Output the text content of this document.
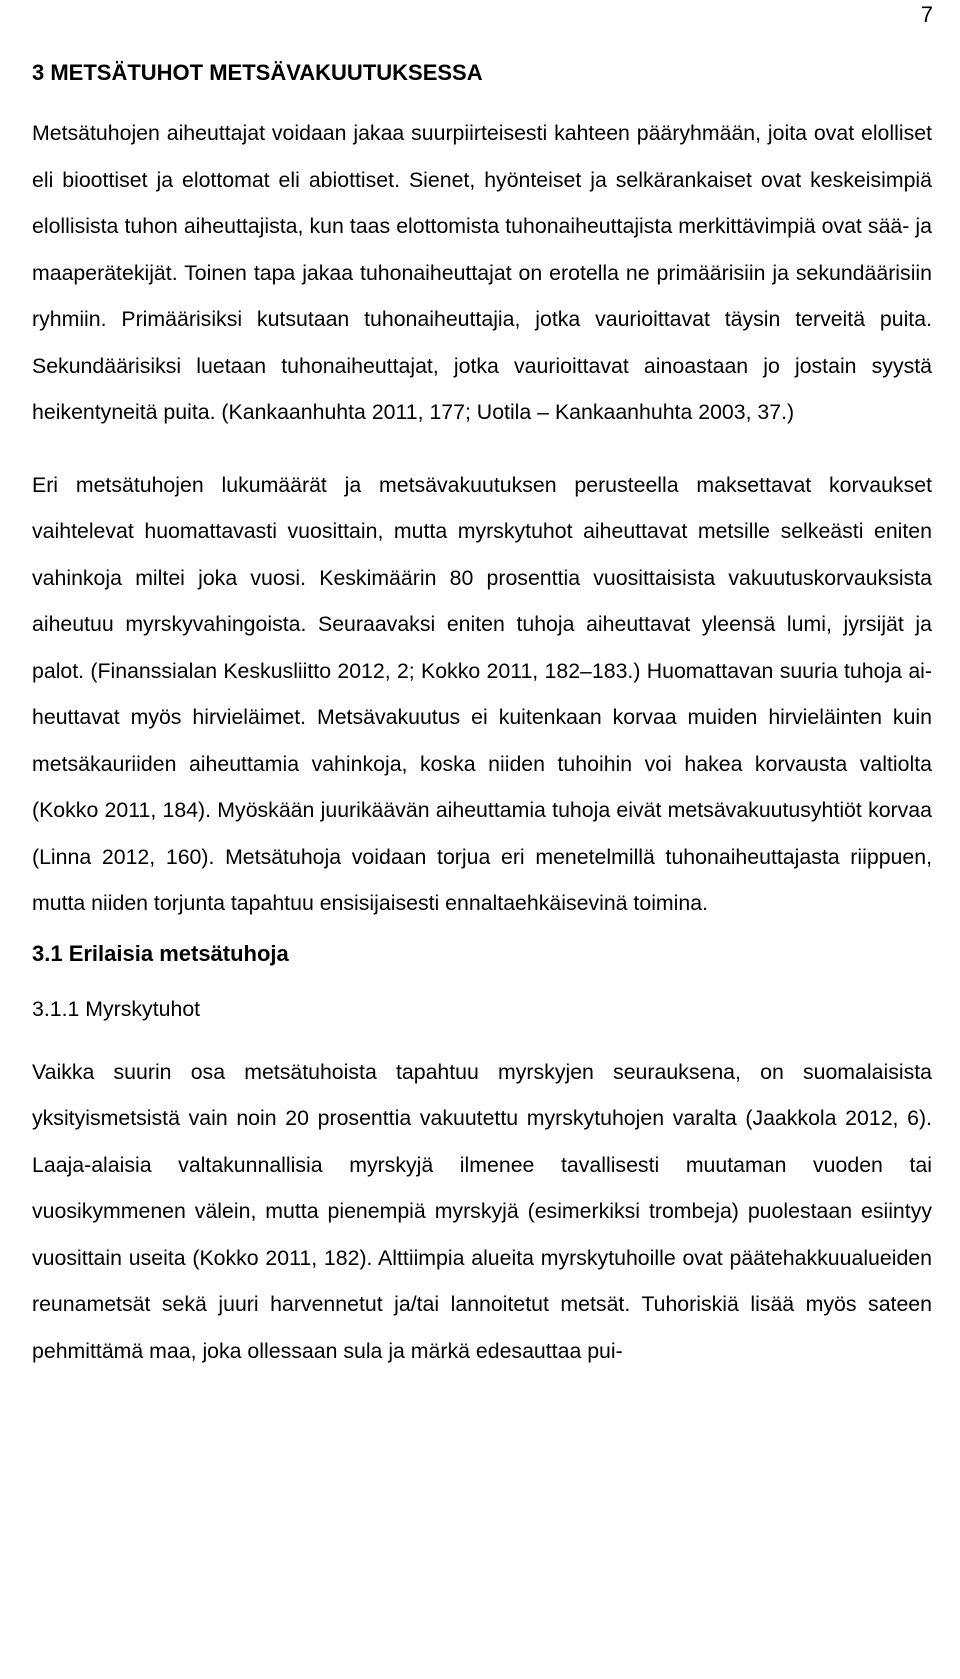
7
3 METSÄTUHOT METSÄVAKUUTUKSESSA

Metsätuhojen aiheuttajat voidaan jakaa suurpiirteisesti kahteen pääryhmään, joita ovat elolliset eli bioottiset ja elottomat eli abiottiset. Sienet, hyönteiset ja selkärankaiset ovat keskeisimpiä elollisista tuhon aiheuttajista, kun taas elottomista tuhonaiheuttajista merkittävimpiä ovat sää- ja maaperätekijät. Toinen tapa jakaa tuhonaiheuttajat on erotella ne primäärisiin ja sekundäärisiin ryhmiin. Primäärisiksi kutsutaan tuhonaiheuttajia, jotka vaurioittavat täysin terveitä puita. Sekundäärisiksi luetaan tuhonaiheuttajat, jotka vaurioittavat ainoastaan jo jostain syystä heikentyneitä puita. (Kankaanhuhta 2011, 177; Uotila – Kankaanhuhta 2003, 37.)

Eri metsätuhojen lukumäärät ja metsävakuutuksen perusteella maksettavat korvaukset vaihtelevat huomattavasti vuosittain, mutta myrskytuhot aiheuttavat metsille selkeästi eniten vahinkoja miltei joka vuosi. Keskimäärin 80 prosenttia vuosittaisista vakuutuskorvauksista aiheutuu myrskyvahingoista. Seuraavaksi eniten tuhoja aiheuttavat yleensä lumi, jyrsijät ja palot. (Finanssialan Keskusliitto 2012, 2; Kokko 2011, 182–183.) Huomattavan suuria tuhoja aiheuttavat myös hirvieläimet. Metsävakuutus ei kuitenkaan korvaa muiden hirvieläinten kuin metsäkauriiden aiheuttamia vahinkoja, koska niiden tuhoihin voi hakea korvausta valtiolta (Kokko 2011, 184). Myöskään juurikäävän aiheuttamia tuhoja eivät metsävakuutusyhtiöt korvaa (Linna 2012, 160). Metsätuhoja voidaan torjua eri menetelmillä tuhonaiheuttajasta riippuen, mutta niiden torjunta tapahtuu ensisijaisesti ennaltaehkäisevinä toimina.

3.1 Erilaisia metsätuhoja
3.1.1 Myrskytuhot

Vaikka suurin osa metsätuhoista tapahtuu myrskyjen seurauksena, on suomalaisista yksityismetsistä vain noin 20 prosenttia vakuutettu myrskytuhojen varalta (Jaakkola 2012, 6). Laaja-alaisia valtakunnallisia myrskyjä ilmenee tavallisesti muutaman vuoden tai vuosikymmenen välein, mutta pienempiä myrskyjä (esimerkiksi trombeja) puolestaan esiintyy vuosittain useita (Kokko 2011, 182). Alttiimpia alueita myrskytuhoille ovat päätehakkuualueiden reunametsät sekä juuri harvennetut ja/tai lannoitetut metsät. Tuhoriskiä lisää myös sateen pehmittämä maa, joka ollessaan sula ja märkä edesauttaa pui-
